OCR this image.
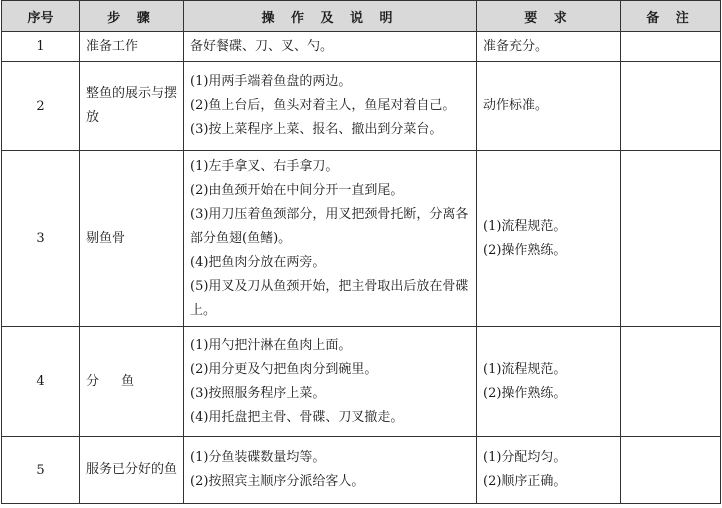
序号	步 骤	操 作 及 说 明	要 求	备 注
1	准备工作	备好餐碟、刀、叉、勺。	准备充分。	

2	整鱼的展示与摆放	(1)用两手端着鱼盘的两边。
(2)鱼上台后，鱼头对着主人，鱼尾对着自己。
(3)按上菜程序上菜、报名、撤出到分菜台。	动作标准。	

3	剔鱼骨	(1)左手拿叉、右手拿刀。
(2)由鱼颈开始在中间分开一直到尾。
(3)用刀压着鱼颈部分，用叉把颈骨托断，分离各部分鱼翅(鱼鳍)。
(4)把鱼肉分放在两旁。
(5)用叉及刀从鱼颈开始，把主骨取出后放在骨碟上。	(1)流程规范。
(2)操作熟练。	

4	分 鱼	(1)用勺把汁淋在鱼肉上面。
(2)用分更及勺把鱼肉分到碗里。
(3)按照服务程序上菜。
(4)用托盘把主骨、骨碟、刀叉撤走。	(1)流程规范。
(2)操作熟练。	

5	服务已分好的鱼	(1)分鱼装碟数量均等。
(2)按照宾主顺序分派给客人。	(1)分配均匀。
(2)顺序正确。	
